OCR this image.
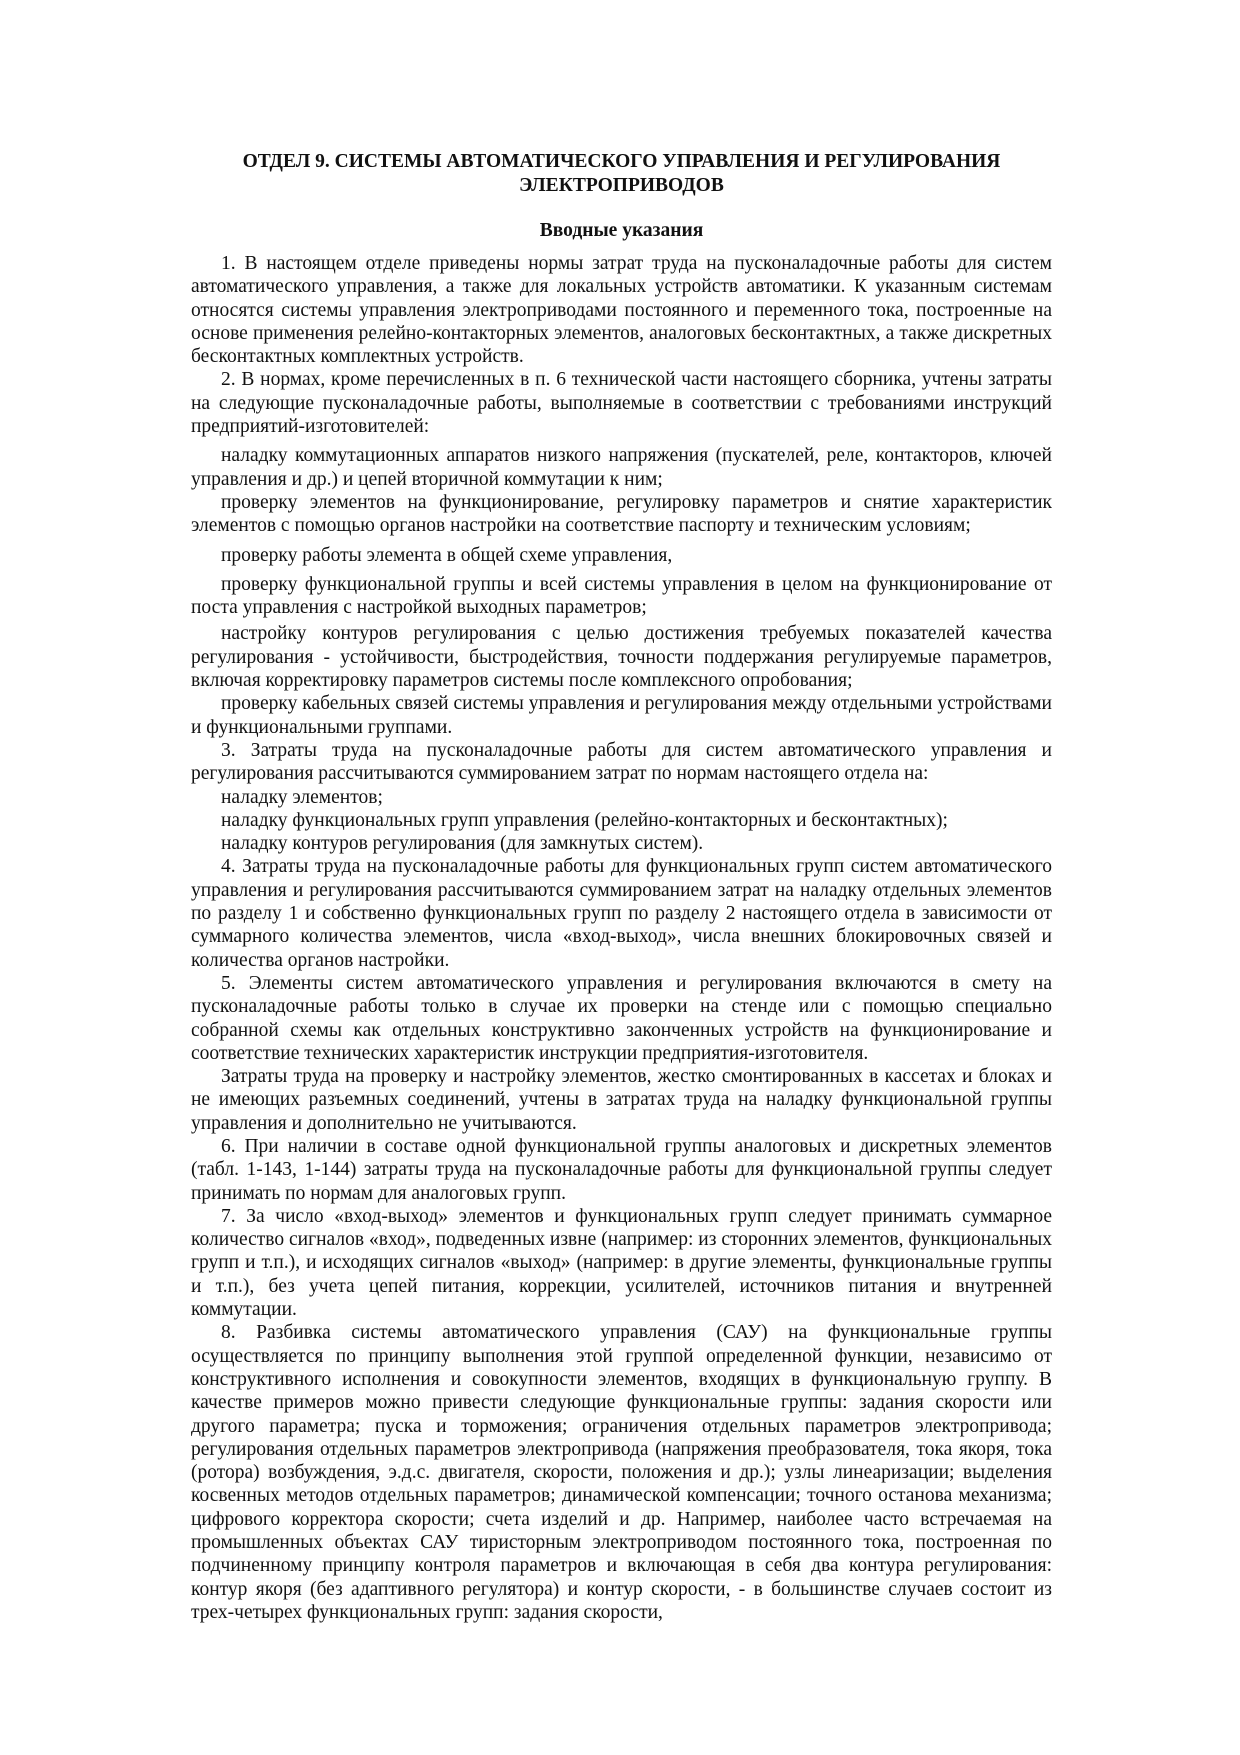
ОТДЕЛ 9. СИСТЕМЫ АВТОМАТИЧЕСКОГО УПРАВЛЕНИЯ И РЕГУЛИРОВАНИЯ ЭЛЕКТРОПРИВОДОВ
Вводные указания

1. В настоящем отделе приведены нормы затрат труда на пусконаладочные работы для систем автоматического управления, а также для локальных устройств автоматики. К указанным системам относятся системы управления электроприводами постоянного и переменного тока, построенные на основе применения релейно-контакторных элементов, аналоговых бесконтактных, а также дискретных бесконтактных комплектных устройств.

2. В нормах, кроме перечисленных в п. 6 технической части настоящего сборника, учтены затраты на следующие пусконаладочные работы, выполняемые в соответствии с требованиями инструкций предприятий-изготовителей:

наладку коммутационных аппаратов низкого напряжения (пускателей, реле, контакторов, ключей управления и др.) и цепей вторичной коммутации к ним;

проверку элементов на функционирование, регулировку параметров и снятие характеристик элементов с помощью органов настройки на соответствие паспорту и техническим условиям;

проверку работы элемента в общей схеме управления,

проверку функциональной группы и всей системы управления в целом на функционирование от поста управления с настройкой выходных параметров;

настройку контуров регулирования с целью достижения требуемых показателей качества регулирования - устойчивости, быстродействия, точности поддержания регулируемые параметров, включая корректировку параметров системы после комплексного опробования;

проверку кабельных связей системы управления и регулирования между отдельными устройствами и функциональными группами.

3. Затраты труда на пусконаладочные работы для систем автоматического управления и регулирования рассчитываются суммированием затрат по нормам настоящего отдела на:

наладку элементов;

наладку функциональных групп управления (релейно-контакторных и бесконтактных);

наладку контуров регулирования (для замкнутых систем).

4. Затраты труда на пусконаладочные работы для функциональных групп систем автоматического управления и регулирования рассчитываются суммированием затрат на наладку отдельных элементов по разделу 1 и собственно функциональных групп по разделу 2 настоящего отдела в зависимости от суммарного количества элементов, числа «вход-выход», числа внешних блокировочных связей и количества органов настройки.

5. Элементы систем автоматического управления и регулирования включаются в смету на пусконаладочные работы только в случае их проверки на стенде или с помощью специально собранной схемы как отдельных конструктивно законченных устройств на функционирование и соответствие технических характеристик инструкции предприятия-изготовителя.

Затраты труда на проверку и настройку элементов, жестко смонтированных в кассетах и блоках и не имеющих разъемных соединений, учтены в затратах труда на наладку функциональной группы управления и дополнительно не учитываются.

6. При наличии в составе одной функциональной группы аналоговых и дискретных элементов (табл. 1-143, 1-144) затраты труда на пусконаладочные работы для функциональной группы следует принимать по нормам для аналоговых групп.

7. За число «вход-выход» элементов и функциональных групп следует принимать суммарное количество сигналов «вход», подведенных извне (например: из сторонних элементов, функциональных групп и т.п.), и исходящих сигналов «выход» (например: в другие элементы, функциональные группы и т.п.), без учета цепей питания, коррекции, усилителей, источников питания и внутренней коммутации.

8. Разбивка системы автоматического управления (САУ) на функциональные группы осуществляется по принципу выполнения этой группой определенной функции, независимо от конструктивного исполнения и совокупности элементов, входящих в функциональную группу. В качестве примеров можно привести следующие функциональные группы: задания скорости или другого параметра; пуска и торможения; ограничения отдельных параметров электропривода; регулирования отдельных параметров электропривода (напряжения преобразователя, тока якоря, тока (ротора) возбуждения, э.д.с. двигателя, скорости, положения и др.); узлы линеаризации; выделения косвенных методов отдельных параметров; динамической компенсации; точного останова механизма; цифрового корректора скорости; счета изделий и др. Например, наиболее часто встречаемая на промышленных объектах САУ тиристорным электроприводом постоянного тока, построенная по подчиненному принципу контроля параметров и включающая в себя два контура регулирования: контур якоря (без адаптивного регулятора) и контур скорости, - в большинстве случаев состоит из трех-четырех функциональных групп: задания скорости,
